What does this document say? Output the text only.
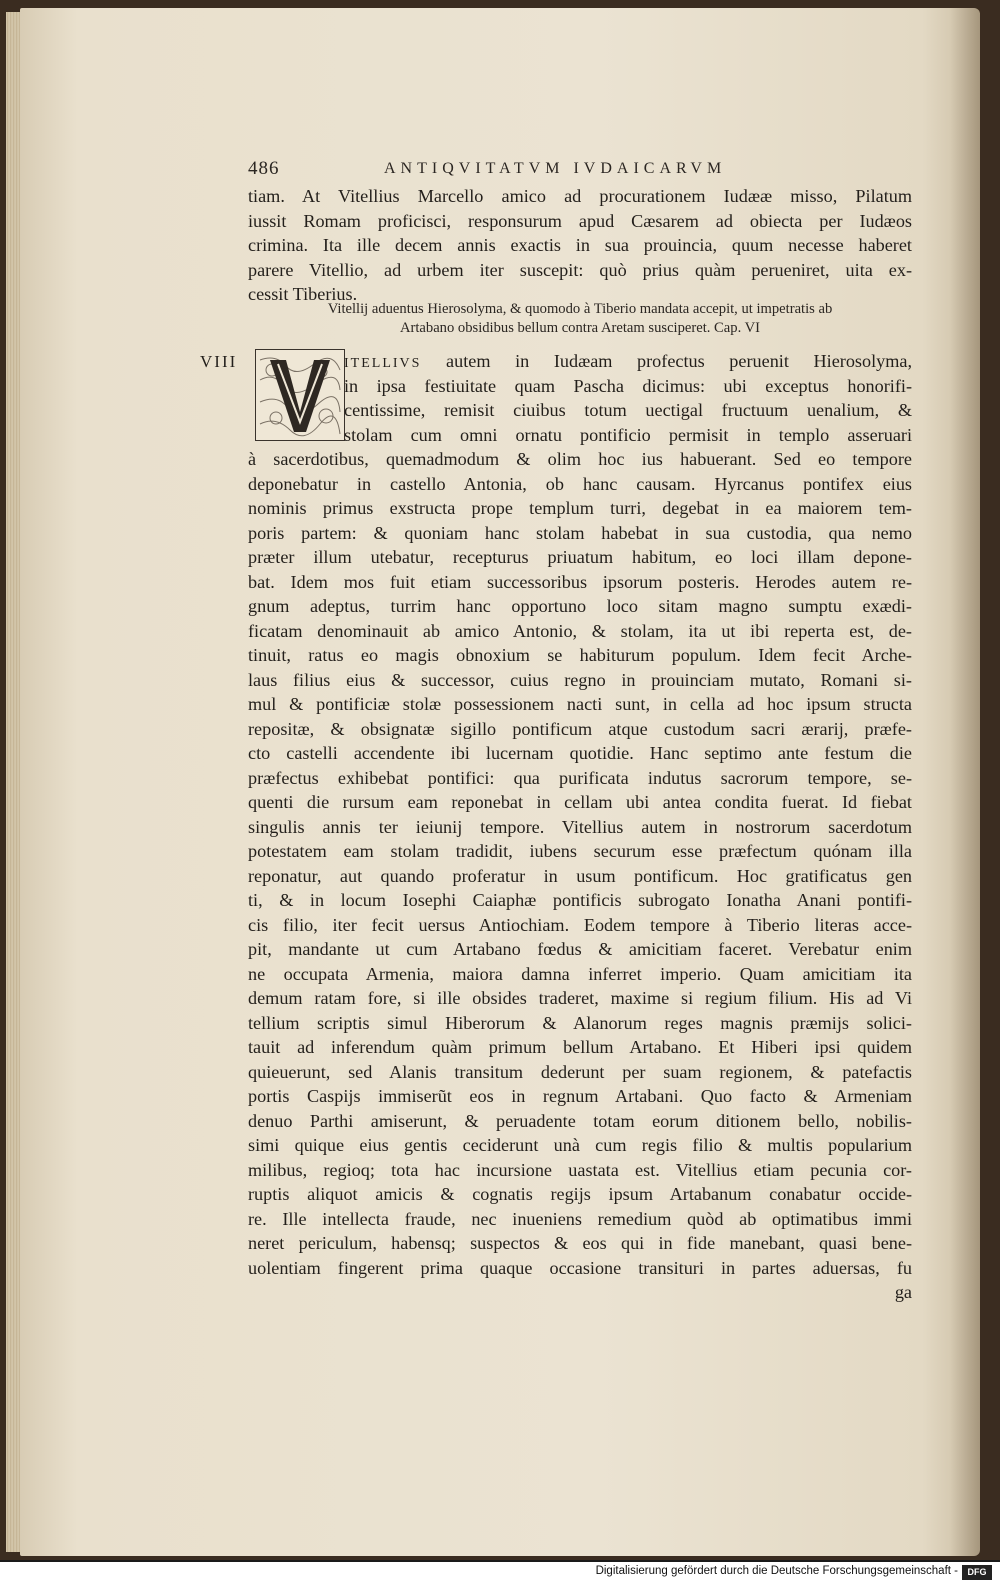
486	ANTIQVITATVM IVDAICARVM
tiam. At Vitellius Marcello amico ad procurationem Iudææ misso, Pilatum
iussit Romam proficisci, responsurum apud Cæsarem ad obiecta per Iudæos
crimina. Ita ille decem annis exactis in sua prouincia, quum necesse haberet
parere Vitellio, ad urbem iter suscepit: quò prius quàm perueniret, uita ex-
cessit Tiberius.
Vitellij aduentus Hierosolyma, & quomodo à Tiberio mandata accepit, ut impetratis ab
Artabano obsidibus bellum contra Aretam susciperet. Cap. VI
VIII	ITELLIVS autem in Iudæam profectus peruenit Hierosolyma,
in ipsa festiuitate quam Pascha dicimus: ubi exceptus honorifi-
centissime, remisit ciuibus totum uectigal fructuum uenalium, &
stolam cum omni ornatu pontificio permisit in templo asseruari
à sacerdotibus, quemadmodum & olim hoc ius habuerant. Sed eo tempore
deponebatur in castello Antonia, ob hanc causam. Hyrcanus pontifex eius
nominis primus exstructa prope templum turri, degebat in ea maiorem tem-
poris partem: & quoniam hanc stolam habebat in sua custodia, qua nemo
præter illum utebatur, recepturus priuatum habitum, eo loci illam depone-
bat. Idem mos fuit etiam successoribus ipsorum posteris. Herodes autem re-
gnum adeptus, turrim hanc opportuno loco sitam magno sumptu exædi-
ficatam denominauit ab amico Antonio, & stolam, ita ut ibi reperta est, de-
tinuit, ratus eo magis obnoxium se habiturum populum. Idem fecit Arche-
laus filius eius & successor, cuius regno in prouinciam mutato, Romani si-
mul & pontificiæ stolæ possessionem nacti sunt, in cella ad hoc ipsum structa
repositæ, & obsignatæ sigillo pontificum atque custodum sacri ærarij, præfe-
cto castelli accendente ibi lucernam quotidie. Hanc septimo ante festum die
præfectus exhibebat pontifici: qua purificata indutus sacrorum tempore, se-
quenti die rursum eam reponebat in cellam ubi antea condita fuerat. Id fiebat
singulis annis ter ieiunij tempore. Vitellius autem in nostrorum sacerdotum
potestatem eam stolam tradidit, iubens securum esse præfectum quónam illa
reponatur, aut quando proferatur in usum pontificum. Hoc gratificatus gen
ti, & in locum Iosephi Caiaphæ pontificis subrogato Ionatha Anani pontifi-
cis filio, iter fecit uersus Antiochiam. Eodem tempore à Tiberio literas acce-
pit, mandante ut cum Artabano fœdus & amicitiam faceret. Verebatur enim
ne occupata Armenia, maiora damna inferret imperio. Quam amicitiam ita
demum ratam fore, si ille obsides traderet, maxime si regium filium. His ad Vi
tellium scriptis simul Hiberorum & Alanorum reges magnis præmijs solici-
tauit ad inferendum quàm primum bellum Artabano. Et Hiberi ipsi quidem
quieuerunt, sed Alanis transitum dederunt per suam regionem, & patefactis
portis Caspijs immiserũt eos in regnum Artabani. Quo facto & Armeniam
denuo Parthi amiserunt, & peruadente totam eorum ditionem bello, nobilis-
simi quique eius gentis ceciderunt unà cum regis filio & multis popularium
milibus, regioq; tota hac incursione uastata est. Vitellius etiam pecunia cor-
ruptis aliquot amicis & cognatis regijs ipsum Artabanum conabatur occide-
re. Ille intellecta fraude, nec inueniens remedium quòd ab optimatibus immi
neret periculum, habensq; suspectos & eos qui in fide manebant, quasi bene-
uolentiam fingerent prima quaque occasione transituri in partes aduersas, fu
ga
Digitalisierung gefördert durch die Deutsche Forschungsgemeinschaft -	DFG
